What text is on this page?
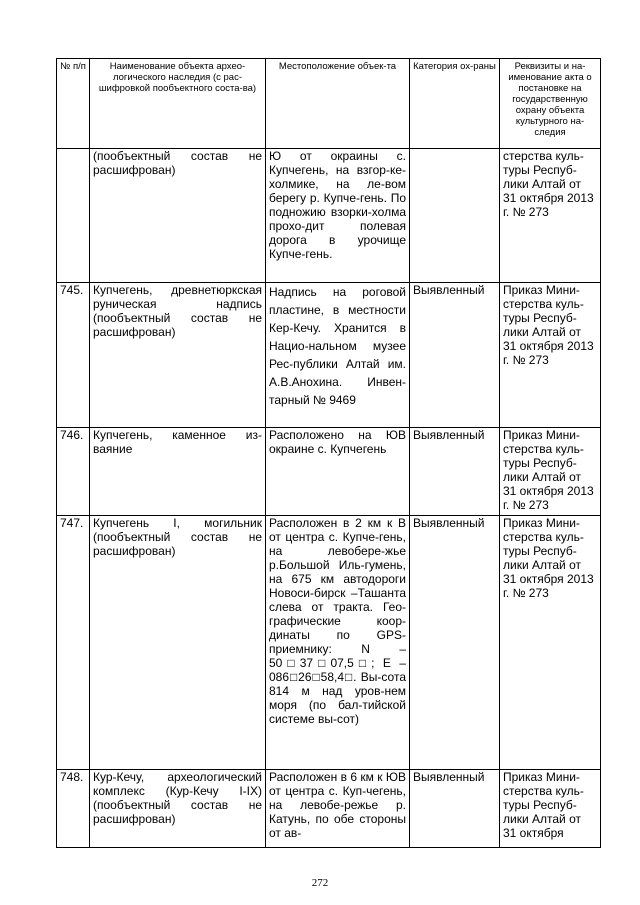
№ п/п	Наименование объекта архео-логического наследия (с рас-шифровкой пообъектного соста-ва)	Местоположение объек-та	Категория ох-раны	Реквизиты и на-именование акта о постановке на государственную охрану объекта культурного на-следия
	(пообъектный состав не расшифрован)	Ю от окраины с. Купчегень, на взгор-ке-холмике, на ле-вом берегу р. Купче-гень. По подножию взорки-холма прохо-дит полевая дорога в урочище Купче-гень.		стерства куль-туры Респуб-лики Алтай от 31 октября 2013 г. № 273
745.	Купчегень, древнетюркская руническая надпись (пообъектный состав не расшифрован)	Надпись на роговой пластине, в местности Кер-Кечу. Хранится в Нацио-нальном музее Рес-публики Алтай им. А.В.Анохина. Инвен-тарный № 9469	Выявленный	Приказ Мини-стерства куль-туры Респуб-лики Алтай от 31 октября 2013 г. № 273
746.	Купчегень, каменное из-ваяние	Расположено на ЮВ окраине с. Купчегень	Выявленный	Приказ Мини-стерства куль-туры Респуб-лики Алтай от 31 октября 2013 г. № 273
747.	Купчегень I, могильник (пообъектный состав не расшифрован)	Расположен в 2 км к В от центра с. Купче-гень, на левобере-жье р.Большой Иль-гумень, на 675 км автодороги Новоси-бирск –Ташанта слева от тракта. Гео-графические коор-динаты по GPS-приемнику: N – 50□37□07,5□; E – 086□26□58,4□. Вы-сота 814 м над уров-нем моря (по бал-тийской системе вы-сот)	Выявленный	Приказ Мини-стерства куль-туры Респуб-лики Алтай от 31 октября 2013 г. № 273
748.	Кур-Кечу, археологический комплекс (Кур-Кечу I-IX) (пообъектный состав не расшифрован)	Расположен в 6 км к ЮВ от центра с. Куп-чегень, на левобе-режье р. Катунь, по обе стороны от ав-	Выявленный	Приказ Мини-стерства куль-туры Респуб-лики Алтай от 31 октября
272
